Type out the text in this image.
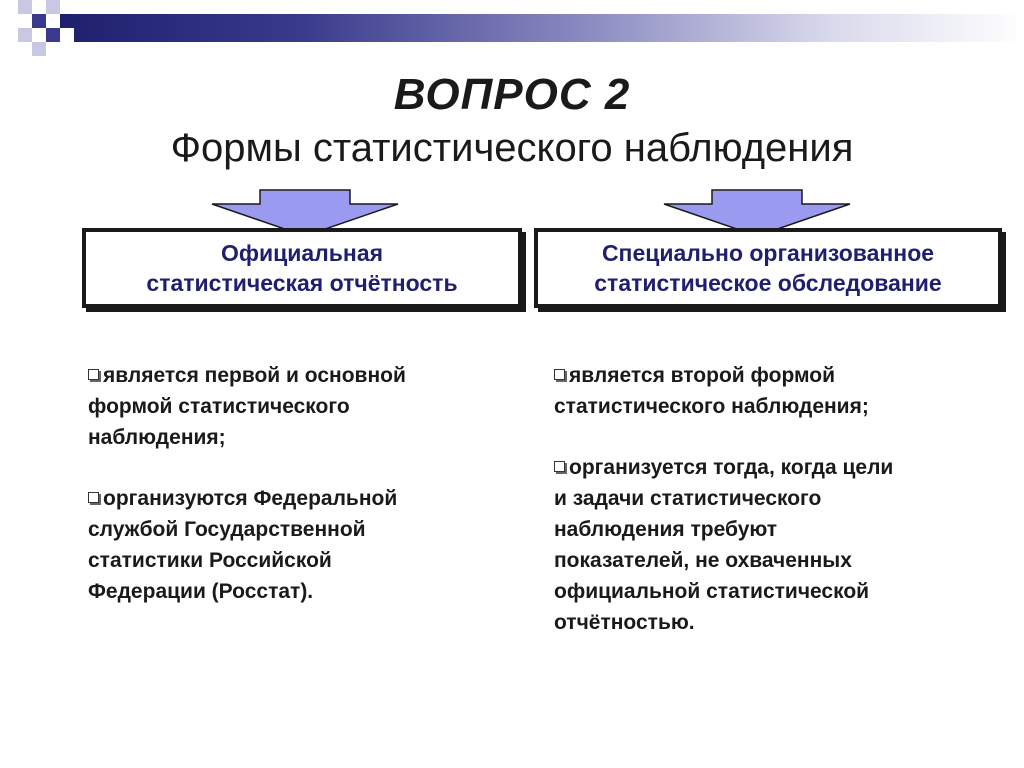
ВОПРОС 2
Формы статистического наблюдения
Официальная
статистическая отчётность
Специально организованное
статистическое обследование
является первой и основной
формой статистического
наблюдения;
организуются Федеральной
службой Государственной
статистики Российской
Федерации (Росстат).
является второй формой
статистического наблюдения;
организуется тогда, когда цели
и задачи статистического
наблюдения требуют
показателей, не охваченных
официальной статистической
отчётностью.
